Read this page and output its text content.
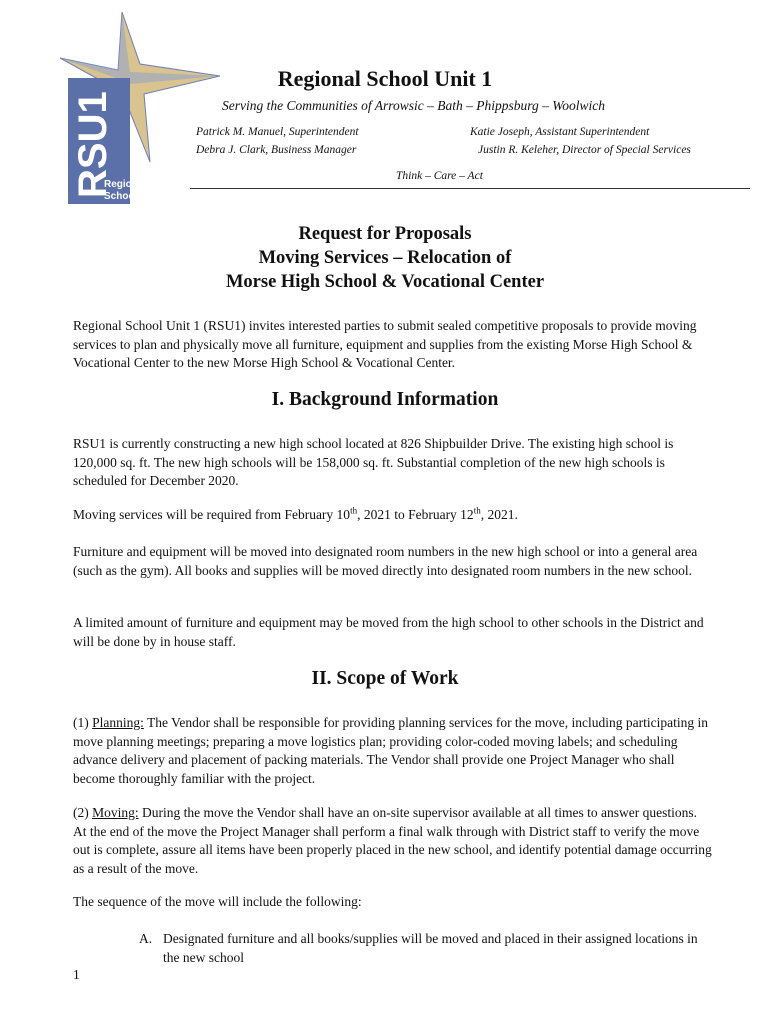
RSU1
Regional
School Unit
Regional School Unit 1
Serving the Communities of Arrowsic – Bath – Phippsburg – Woolwich
Patrick M. Manuel, Superintendent
Debra J. Clark, Business Manager
Katie Joseph, Assistant Superintendent
Justin R. Keleher, Director of Special Services
Think – Care – Act
Request for Proposals
Moving Services – Relocation of
Morse High School & Vocational Center

Regional School Unit 1 (RSU1) invites interested parties to submit sealed competitive proposals to provide moving services to plan and physically move all furniture, equipment and supplies from the existing Morse High School & Vocational Center to the new Morse High School & Vocational Center.

I. Background Information

RSU1 is currently constructing a new high school located at 826 Shipbuilder Drive. The existing high school is 120,000 sq. ft. The new high schools will be 158,000 sq. ft. Substantial completion of the new high schools is scheduled for December 2020.

Moving services will be required from February 10th, 2021 to February 12th, 2021.

Furniture and equipment will be moved into designated room numbers in the new high school or into a general area (such as the gym). All books and supplies will be moved directly into designated room numbers in the new school.

A limited amount of furniture and equipment may be moved from the high school to other schools in the District and will be done by in house staff.

II. Scope of Work

(1) Planning: The Vendor shall be responsible for providing planning services for the move, including participating in move planning meetings; preparing a move logistics plan; providing color-coded moving labels; and scheduling advance delivery and placement of packing materials. The Vendor shall provide one Project Manager who shall become thoroughly familiar with the project.

(2) Moving: During the move the Vendor shall have an on-site supervisor available at all times to answer questions. At the end of the move the Project Manager shall perform a final walk through with District staff to verify the move out is complete, assure all items have been properly placed in the new school, and identify potential damage occurring as a result of the move.

The sequence of the move will include the following:

A. Designated furniture and all books/supplies will be moved and placed in their assigned locations in the new school
1
